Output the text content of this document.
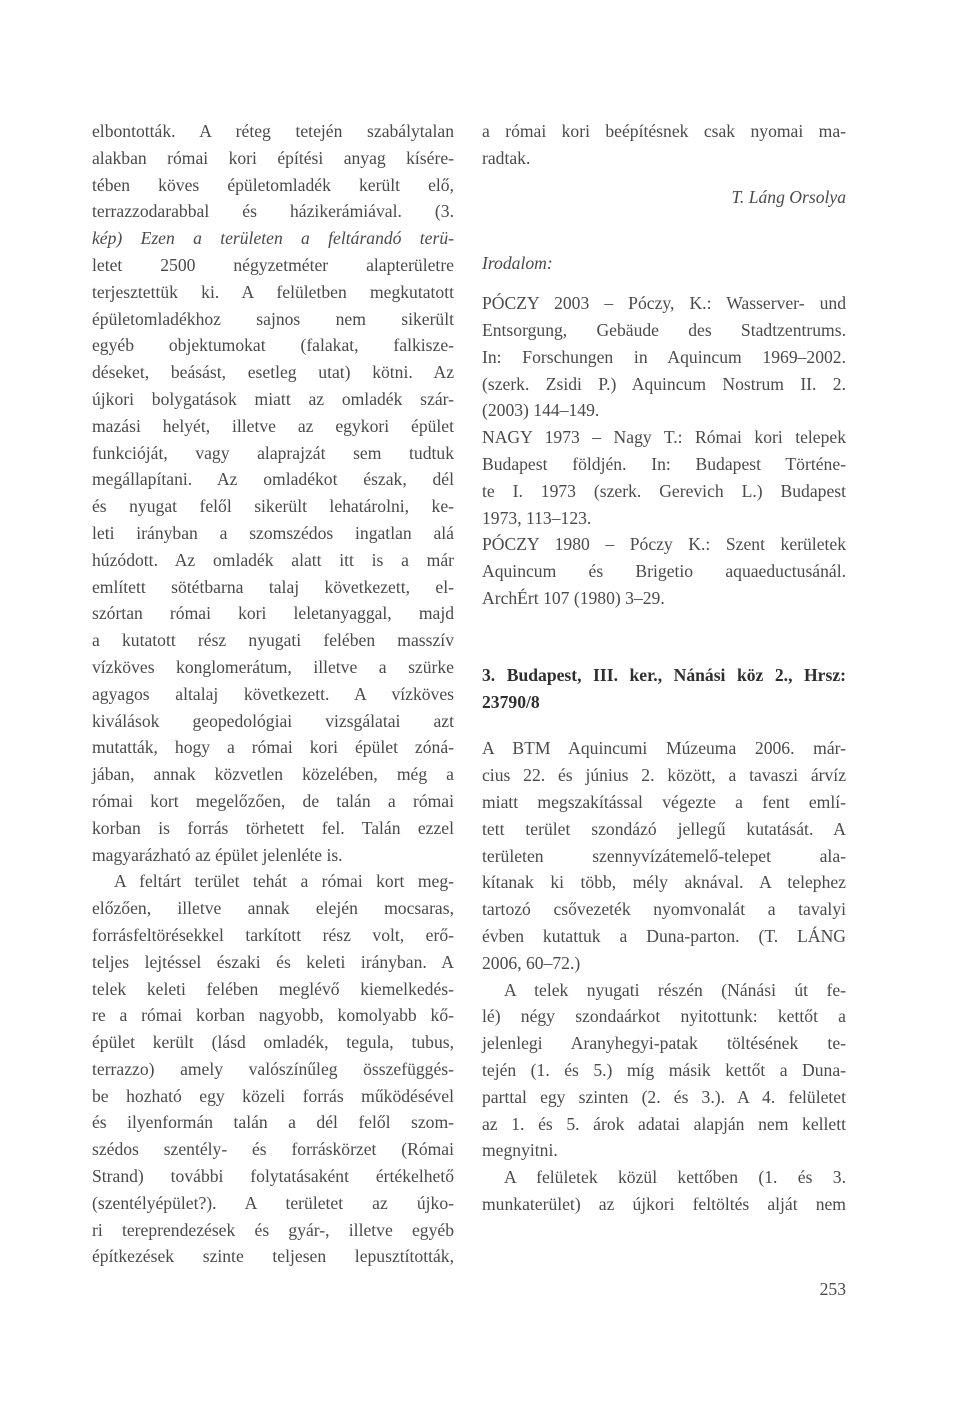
elbontották. A réteg tetején szabálytalan
alakban római kori építési anyag kísére-
tében köves épületomladék került elő,
terrazzodarabbal és házikerámiával. (3.
kép) Ezen a területen a feltárandó terü-
letet 2500 négyzetméter alapterületre
terjesztettük ki. A felületben megkutatott
épületomladékhoz sajnos nem sikerült
egyéb objektumokat (falakat, falkiszе-
déseket, beásást, esetleg utat) kötni. Az
újkori bolygatások miatt az omladék szár-
mazási helyét, illetve az egykori épület
funkcióját, vagy alaprajzát sem tudtuk
megállapítani. Az omladékot észak, dél
és nyugat felől sikerült lehatárolni, ke-
leti irányban a szomszédos ingatlan alá
húzódott. Az omladék alatt itt is a már
említett sötétbarna talaj következett, el-
szórtan római kori leletanyaggal, majd
a kutatott rész nyugati felében masszív
vízköves konglomerátum, illetve a szürke
agyagos altalaj következett. A vízköves
kiválások geopedológiai vizsgálatai azt
mutatták, hogy a római kori épület zóná-
jában, annak közvetlen közelében, még a
római kort megelőzően, de talán a római
korban is forrás törhetett fel. Talán ezzel
magyarázható az épület jelenléte is.
A feltárt terület tehát a római kort meg-
előzően, illetve annak elején mocsaras,
forrásfeltörésekkel tarkított rész volt, erő-
teljes lejtéssel északi és keleti irányban. A
telek keleti felében meglévő kiemelkedés-
re a római korban nagyobb, komolyabb kő-
épület került (lásd omladék, tegula, tubus,
terrazzo) amely valószínűleg összefüggés-
be hozható egy közeli forrás működésével
és ilyenformán talán a dél felől szom-
szédos szentély- és forráskörzet (Római
Strand) további folytatásaként értékelhető
(szentélyépület?). A területet az újko-
ri tereprendezések és gyár-, illetve egyéb
építkezések szinte teljesen lepusztították,
a római kori beépítésnek csak nyomai ma-
radtak.
T. Láng Orsolya
Irodalom:
PÓCZY 2003 – Póczy, K.: Wasserver- und
Entsorgung, Gebäude des Stadtzentrums.
In: Forschungen in Aquincum 1969–2002.
(szerk. Zsidi P.) Aquincum Nostrum II. 2.
(2003) 144–149.
NAGY 1973 – Nagy T.: Római kori telepek
Budapest földjén. In: Budapest Történe-
te I. 1973 (szerk. Gerevich L.) Budapest
1973, 113–123.
PÓCZY 1980 – Póczy K.: Szent kerületek
Aquincum és Brigetio aquaeductusánál.
ArchÉrt 107 (1980) 3–29.
3. Budapest, III. ker., Nánási köz 2., Hrsz:
23790/8
A BTM Aquincumi Múzeuma 2006. már-
cius 22. és június 2. között, a tavaszi árvíz
miatt megszakítással végezte a fent emlí-
tett terület szondázó jellegű kutatását. A
területen szennyvízátemelő-telepet ala-
kítanak ki több, mély aknával. A telephez
tartozó csővezeték nyomvonalát a tavalyi
évben kutattuk a Duna-parton. (T. LÁNG
2006, 60–72.)
A telek nyugati részén (Nánási út fe-
lé) négy szondaárkot nyitottunk: kettőt a
jelenlegi Aranyhegyi-patak töltésének te-
tején (1. és 5.) míg másik kettőt a Duna-
parttal egy szinten (2. és 3.). A 4. felületet
az 1. és 5. árok adatai alapján nem kellett
megnyitni.
A felületek közül kettőben (1. és 3.
munkaterület) az újkori feltöltés alját nem
253
